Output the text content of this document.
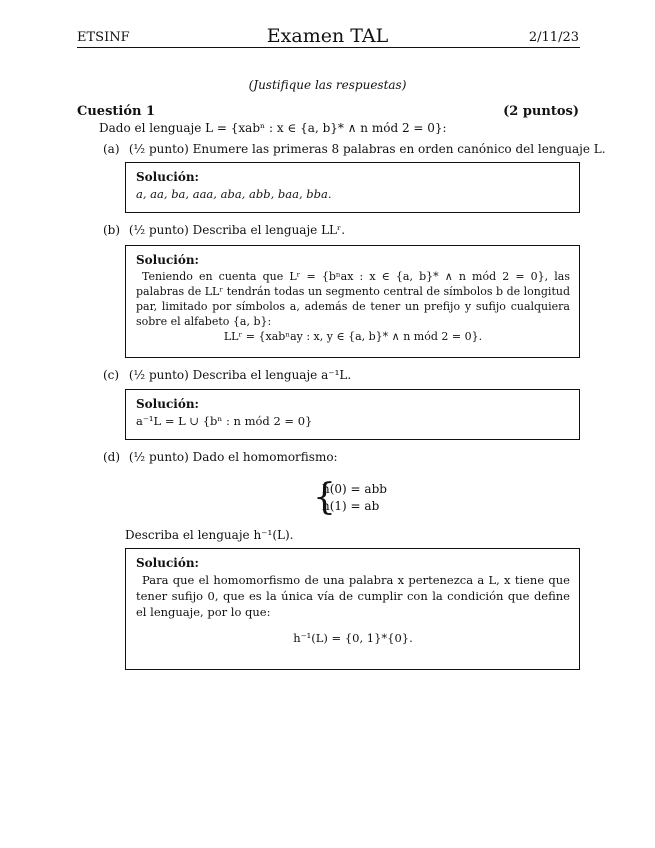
ETSINF	Examen TAL	2/11/23
(Justifique las respuestas)
Cuestión 1	(2 puntos)
Dado el lenguaje L = {xabⁿ : x ∈ {a, b}* ∧ n mód 2 = 0}:
(a) (½ punto) Enumere las primeras 8 palabras en orden canónico del lenguaje L.
Solución:
a, aa, ba, aaa, aba, abb, baa, bba.
(b) (½ punto) Describa el lenguaje LLʳ.
Solución:
Teniendo en cuenta que Lʳ = {bⁿax : x ∈ {a, b}* ∧ n mód 2 = 0}, las palabras de LLʳ tendrán todas un segmento central de símbolos b de longitud par, limitado por símbolos a, además de tener un prefijo y sufijo cualquiera sobre el alfabeto {a, b}:
LLʳ = {xabⁿay : x, y ∈ {a, b}* ∧ n mód 2 = 0}.
(c) (½ punto) Describa el lenguaje a⁻¹L.
Solución:
a⁻¹L = L ∪ {bⁿ : n mód 2 = 0}
(d) (½ punto) Dado el homomorfismo:
{
h(0) = abb
h(1) = ab
Describa el lenguaje h⁻¹(L).
Solución:
Para que el homomorfismo de una palabra x pertenezca a L, x tiene que tener sufijo 0, que es la única vía de cumplir con la condición que define el lenguaje, por lo que:
h⁻¹(L) = {0, 1}*{0}.
